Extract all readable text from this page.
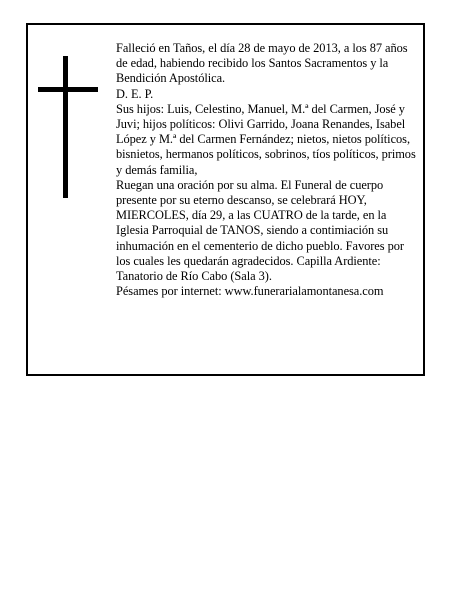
Falleció en Taños, el día 28 de mayo de 2013, a los 87 años de edad, habiendo recibido los Santos Sacramentos y la Bendición Apostólica.

D. E. P.

Sus hijos: Luis, Celestino, Manuel, M.ª del Carmen, José y Juvi; hijos políticos: Olivi Garrido, Joana Renandes, Isabel López y M.ª del Carmen Fernández; nietos, nietos políticos, bisnietos, hermanos políticos, sobrinos, tíos políticos, primos y demás familia,

Ruegan una oración por su alma. El Funeral de cuerpo presente por su eterno descanso, se celebrará HOY, MIERCOLES, día 29, a las CUATRO de la tarde, en la Iglesia Parroquial de TANOS, siendo a contimiación su inhumación en el cementerio de dicho pueblo. Favores por los cuales les quedarán agradecidos. Capilla Ardiente: Tanatorio de Río Cabo (Sala 3).

Pésames por internet: www.funerarialamontanesa.com
